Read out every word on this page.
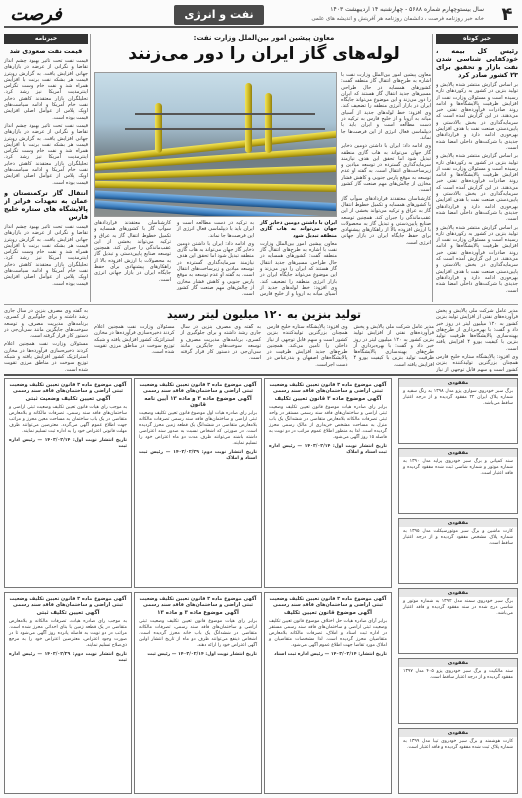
۴
سال بیستوچهارم شماره ۵۶۸۸ - چهارشنبه ۱۴ اردیبهشت ۱۴۰۳
خانه خبر روزنامه فرصت ، دانشمان روزنامه هر آفرینش و اندیشه های علمی
نفت و انرژی
فرصت
خبر کوتاه
رئیس کل بیمه ، خودکفایی شناسی شدن نفت بازار و تحقیق برای ۲۳ کشور صادر کرد

بر اساس گزارش منتشر شده پالایش و تولید بنزین در کشور به رکوردهای تازه رسیده است و مسئولان وزارت نفت از افزایش ظرفیت پالایشگاه‌ها و ادامه روند صادرات فرآورده‌های نفتی خبر می‌دهند. در این گزارش آمده است که سرمایه‌گذاری در بخش بالادستی و پایین‌دستی صنعت نفت با هدف افزایش بهره‌وری ادامه دارد و قراردادهای جدیدی با شرکت‌های داخلی امضا شده است.

بر اساس گزارش منتشر شده پالایش و تولید بنزین در کشور به رکوردهای تازه رسیده است و مسئولان وزارت نفت از افزایش ظرفیت پالایشگاه‌ها و ادامه روند صادرات فرآورده‌های نفتی خبر می‌دهند. در این گزارش آمده است که سرمایه‌گذاری در بخش بالادستی و پایین‌دستی صنعت نفت با هدف افزایش بهره‌وری ادامه دارد و قراردادهای جدیدی با شرکت‌های داخلی امضا شده است.

بر اساس گزارش منتشر شده پالایش و تولید بنزین در کشور به رکوردهای تازه رسیده است و مسئولان وزارت نفت از افزایش ظرفیت پالایشگاه‌ها و ادامه روند صادرات فرآورده‌های نفتی خبر می‌دهند. در این گزارش آمده است که سرمایه‌گذاری در بخش بالادستی و پایین‌دستی صنعت نفت با هدف افزایش بهره‌وری ادامه دارد و قراردادهای جدیدی با شرکت‌های داخلی امضا شده است.

خبرنامه
قیمت نفت صعودی شد

قیمت نفت تحت تاثیر بهبود چشم انداز تقاضا و نگرانی از عرضه در بازارهای جهانی افزایش یافت. به گزارش رویترز قیمت هر بشکه نفت برنت با افزایش همراه شد و نفت خام وست تگزاس اینترمدیت آمریکا نیز رشد کرد. تحلیلگران بازار معتقدند کاهش ذخایر نفت خام آمریکا و ادامه سیاست‌های اوپک پلاس از عوامل اصلی افزایش قیمت بوده است.

قیمت نفت تحت تاثیر بهبود چشم انداز تقاضا و نگرانی از عرضه در بازارهای جهانی افزایش یافت. به گزارش رویترز قیمت هر بشکه نفت برنت با افزایش همراه شد و نفت خام وست تگزاس اینترمدیت آمریکا نیز رشد کرد. تحلیلگران بازار معتقدند کاهش ذخایر نفت خام آمریکا و ادامه سیاست‌های اوپک پلاس از عوامل اصلی افزایش قیمت بوده است.

انتقال گاز ترکمنستان و عمان به تعهدات فراتر از پالایشگاه های ستاره خلیج فارس

قیمت نفت تحت تاثیر بهبود چشم انداز تقاضا و نگرانی از عرضه در بازارهای جهانی افزایش یافت. به گزارش رویترز قیمت هر بشکه نفت برنت با افزایش همراه شد و نفت خام وست تگزاس اینترمدیت آمریکا نیز رشد کرد. تحلیلگران بازار معتقدند کاهش ذخایر نفت خام آمریکا و ادامه سیاست‌های اوپک پلاس از عوامل اصلی افزایش قیمت بوده است.

معاون پیشین امور بین‌الملل وزارت نفت:
لوله‌های گاز ایران را دور می‌زنند

معاون پیشین امور بین‌الملل وزارت نفت با اشاره به طرح‌های انتقال گاز منطقه گفت: کشورهای همسایه در حال طراحی مسیرهای جدید انتقال گاز هستند که ایران را دور می‌زند و این موضوع می‌تواند جایگاه ایران در بازار انرژی منطقه را تضعیف کند. وی افزود: خط لوله‌های جدید از آسیای میانه به اروپا و از خلیج فارس به ترکیه در دست مطالعه است و ایران باید با دیپلماسی فعال انرژی از این فرصت‌ها جا نماند.

وی ادامه داد: ایران با داشتن دومین ذخایر گاز جهان می‌تواند به هاب گازی منطقه تبدیل شود اما تحقق این هدف نیازمند سرمایه‌گذاری گسترده در توسعه میادین و زیرساخت‌های انتقال است. به گفته او عدم توسعه به موقع پارس جنوبی و کاهش فشار مخازن از چالش‌های مهم صنعت گاز کشور است.

کارشناسان معتقدند قراردادهای سوآپ گاز با کشورهای همسایه و تکمیل خطوط انتقال گاز به عراق و ترکیه می‌تواند بخشی از این عقب‌ماندگی را جبران کند. همچنین توسعه صنایع پایین‌دستی و تبدیل گاز به محصولات با ارزش افزوده بالا از راهکارهای پیشنهادی برای حفظ جایگاه ایران در بازار جهانی انرژی است.

ایران با داشتن دومین ذخایر گاز جهان می‌تواند به هاب گازی منطقه تبدیل شود

معاون پیشین امور بین‌الملل وزارت نفت با اشاره به طرح‌های انتقال گاز منطقه گفت: کشورهای همسایه در حال طراحی مسیرهای جدید انتقال گاز هستند که ایران را دور می‌زند و این موضوع می‌تواند جایگاه ایران در بازار انرژی منطقه را تضعیف کند. وی افزود: خط لوله‌های جدید از آسیای میانه به اروپا و از خلیج فارس به ترکیه در دست مطالعه است و ایران باید با دیپلماسی فعال انرژی از این فرصت‌ها جا نماند.

وی ادامه داد: ایران با داشتن دومین ذخایر گاز جهان می‌تواند به هاب گازی منطقه تبدیل شود اما تحقق این هدف نیازمند سرمایه‌گذاری گسترده در توسعه میادین و زیرساخت‌های انتقال است. به گفته او عدم توسعه به موقع پارس جنوبی و کاهش فشار مخازن از چالش‌های مهم صنعت گاز کشور است.

کارشناسان معتقدند قراردادهای سوآپ گاز با کشورهای همسایه و تکمیل خطوط انتقال گاز به عراق و ترکیه می‌تواند بخشی از این عقب‌ماندگی را جبران کند. همچنین توسعه صنایع پایین‌دستی و تبدیل گاز به محصولات با ارزش افزوده بالا از راهکارهای پیشنهادی برای حفظ جایگاه ایران در بازار جهانی انرژی است.

تولید بنزین به ۱۲۰ میلیون لیتر رسید

مدیر عامل شرکت ملی پالایش و پخش فرآورده‌های نفتی از افزایش تولید بنزین کشور به ۱۲۰ میلیون لیتر در روز خبر داد و گفت: با بهره‌برداری از طرح‌های بهینه‌سازی پالایشگاه‌ها ظرفیت تولید بنزین با کیفیت یورو ۴ افزایش یافته است.

وی افزود: پالایشگاه ستاره خلیج فارس همچنان بزرگترین تولیدکننده بنزین کشور است و سهم قابل توجهی از نیاز داخلی را تامین می‌کند. همچنین طرح‌های جدید افزایش ظرفیت در پالایشگاه‌های اصفهان و بندرعباس در دست اجراست.

به گفته وی مصرف بنزین در سال جاری رشد داشته و برای جلوگیری از کسری، برنامه‌های مدیریت مصرف و توسعه سوخت‌های جایگزین مانند سی‌ان‌جی در دستور کار قرار گرفته است.

مسئولان وزارت نفت همچنین اعلام کردند ذخیره‌سازی فرآورده‌ها در مخازن استراتژیک کشور افزایش یافته و شبکه توزیع سوخت در مناطق مرزی تقویت شده است.

مدیر عامل شرکت ملی پالایش و پخش فرآورده‌های نفتی از افزایش تولید بنزین کشور به ۱۲۰ میلیون لیتر در روز خبر داد و گفت: با بهره‌برداری از طرح‌های بهینه‌سازی پالایشگاه‌ها ظرفیت تولید بنزین با کیفیت یورو ۴ افزایش یافته است.

وی افزود: پالایشگاه ستاره خلیج فارس همچنان بزرگترین تولیدکننده بنزین کشور است و سهم قابل توجهی از نیاز

به گفته وی مصرف بنزین در سال جاری رشد داشته و برای جلوگیری از کسری، برنامه‌های مدیریت مصرف و توسعه سوخت‌های جایگزین مانند سی‌ان‌جی در دستور کار قرار گرفته است.

مسئولان وزارت نفت همچنین اعلام کردند ذخیره‌سازی فرآورده‌ها در مخازن استراتژیک کشور افزایش یافته و شبکه توزیع سوخت در مناطق مرزی تقویت شده است.

مفقودی
برگ سبز خودروی سواری پژو مدل ۱۳۹۸ به رنگ سفید و شماره پلاک ایران ۲۲ مفقود گردیده و از درجه اعتبار ساقط می‌باشد.
مفقودی
سند کمپانی و برگ سبز خودروی پراید مدل ۱۳۹۰ به شماره موتور و شماره شاسی ثبت شده مفقود گردیده و فاقد اعتبار است.
مفقودی
کارت ماشین و برگ سبز موتورسیکلت مدل ۱۳۹۵ به شماره پلاک مشخص مفقود گردیده و از درجه اعتبار ساقط است.
مفقودی
برگ سبز خودروی سمند مدل ۱۳۹۲ به شماره موتور و شاسی درج شده در سند مفقود گردیده و فاقد اعتبار می‌باشد.
مفقودی
سند مالکیت و برگ سبز خودروی پژو ۴۰۵ مدل ۱۳۹۷ مفقود گردیده و از درجه اعتبار ساقط است.
مفقودی
کارت هوشمند و برگ سبز خودروی تیبا مدل ۱۳۹۹ به شماره پلاک ثبت شده مفقود گردیده و فاقد اعتبار است.
آگهی موضوع ماده ۳ قانون تعیین تکلیف وضعیت ثبتی اراضی و ساختمان‌های فاقد سند رسمی
آگهی موضوع ماده ۳ قانون تعیین تکلیف
برابر رای صادره هیات موضوع قانون تعیین تکلیف وضعیت ثبتی اراضی و ساختمان‌های فاقد سند رسمی مستقر در واحد ثبتی تصرفات مالکانه بلامعارض متقاضی در ششدانگ یک باب منزل به مساحت مشخص خریداری از مالک رسمی محرز گردیده است. لذا به منظور اطلاع عموم مراتب در دو نوبت به فاصله ۱۵ روز آگهی می‌شود.
تاریخ انتشار نوبت اول: ۱۴۰۳/۰۲/۱۴ — رئیس اداره ثبت اسناد و املاک
آگهی موضوع ماده ۳ قانون تعیین تکلیف وضعیت ثبتی اراضی و ساختمان‌های فاقد سند رسمی
آگهی موضوع ماده ۳ و ماده ۱۳ آیین نامه قانون
برابر رای صادره هیات اول موضوع قانون تعیین تکلیف وضعیت ثبتی اراضی و ساختمان‌های فاقد سند رسمی تصرفات مالکانه بلامعارض متقاضی در ششدانگ یک قطعه زمین محرز گردیده است. در صورتی که اشخاص نسبت به صدور سند اعتراضی داشته باشند می‌توانند ظرف مدت دو ماه اعتراض خود را تسلیم نمایند.
تاریخ انتشار نوبت دوم: ۱۴۰۳/۰۲/۲۹ — رئیس ثبت اسناد و املاک
آگهی موضوع ماده ۳ قانون تعیین تکلیف وضعیت ثبتی اراضی و ساختمان‌های فاقد سند رسمی
آگهی تعیین تکلیف وضعیت ثبتی
به موجب رای هیات قانون تعیین تکلیف وضعیت ثبتی اراضی و ساختمان‌های فاقد سند رسمی، تصرفات مالکانه و بلامعارض متقاضی در یک باب ساختمان به مساحت معین محرز و مراتب جهت اطلاع عموم آگهی می‌گردد. معترضین می‌توانند ظرف مهلت قانونی اعتراض خود را به اداره ثبت تسلیم نمایند.
تاریخ انتشار نوبت اول: ۱۴۰۳/۰۲/۱۴ — رئیس اداره ثبت
آگهی موضوع ماده ۳ قانون تعیین تکلیف وضعیت ثبتی اراضی و ساختمان‌های فاقد سند رسمی
آگهی موضوع قانون تعیین تکلیف
برابر آرای صادره هیات حل اختلاف موضوع قانون تعیین تکلیف وضعیت ثبتی اراضی و ساختمان‌های فاقد سند رسمی مستقر در اداره ثبت اسناد و املاک، تصرفات مالکانه بلامعارض متقاضیان محرز گردیده است. لذا مشخصات متقاضیان و املاک مورد تقاضا جهت اطلاع عموم آگهی می‌شود.
تاریخ انتشار: ۱۴۰۳/۰۲/۱۴ — رئیس اداره ثبت اسناد
آگهی موضوع ماده ۳ قانون تعیین تکلیف وضعیت ثبتی اراضی و ساختمان‌های فاقد سند رسمی
آگهی موضوع ماده ۳ و ماده ۱۳
برابر رای هیات موضوع قانون تعیین تکلیف وضعیت ثبتی اراضی و ساختمان‌های فاقد سند رسمی، تصرفات مالکانه متقاضی در ششدانگ یک باب خانه محرز گردیده است. اشخاص ذینفع می‌توانند ظرف دو ماه از تاریخ انتشار اولین آگهی اعتراض خود را ارائه دهند.
تاریخ انتشار نوبت اول: ۱۴۰۳/۰۲/۱۴ — رئیس ثبت
آگهی موضوع ماده ۳ قانون تعیین تکلیف وضعیت ثبتی اراضی و ساختمان‌های فاقد سند رسمی
آگهی تعیین تکلیف ثبتی
به موجب رای صادره هیات، تصرفات مالکانه و بلامعارض متقاضی در یک قطعه زمین با بنای احداثی محرز شده است. مراتب در دو نوبت به فاصله پانزده روز آگهی می‌شود تا در صورت وجود اعتراض، معترضین اعتراض خود را به مرجع ذی‌صلاح تسلیم نمایند.
تاریخ انتشار نوبت دوم: ۱۴۰۳/۰۲/۲۹ — رئیس اداره ثبت
